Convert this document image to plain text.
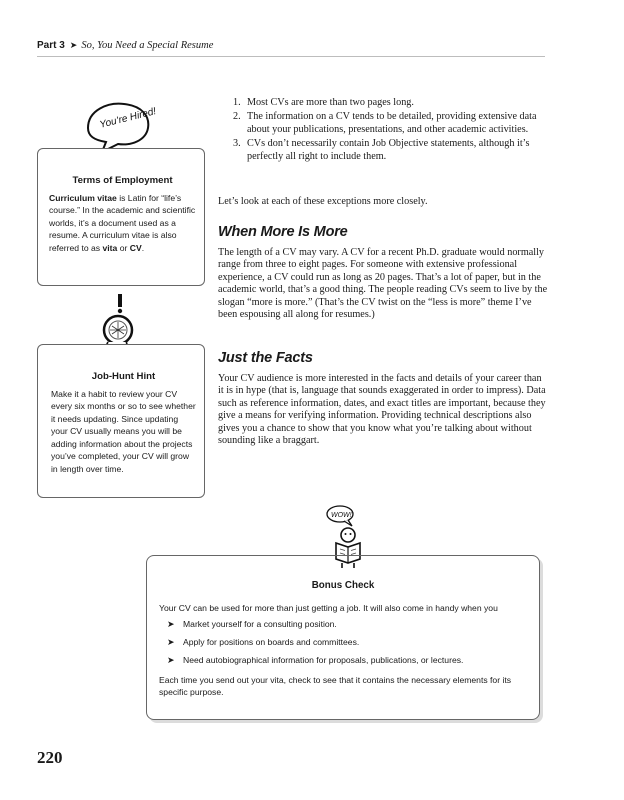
Part 3 ➤ So, You Need a Special Resume
1. Most CVs are more than two pages long.
2. The information on a CV tends to be detailed, providing extensive data about your publications, presentations, and other academic activities.
3. CVs don’t necessarily contain Job Objective statements, although it’s perfectly all right to include them.

Let’s look at each of these exceptions more closely.

When More Is More

The length of a CV may vary. A CV for a recent Ph.D. graduate would normally range from three to eight pages. For someone with extensive professional experience, a CV could run as long as 20 pages. That’s a lot of paper, but in the academic world, that’s a good thing. The people reading CVs seem to live by the slogan “more is more.” (That’s the CV twist on the “less is more” theme I’ve been espousing all along for resumes.)

Just the Facts

Your CV audience is more interested in the facts and details of your career than it is in hype (that is, language that sounds exaggerated in order to impress). Data such as reference information, dates, and exact titles are important, because they give a means for verifying information. Providing technical descriptions also gives you a chance to show that you know what you’re talking about without sounding like a braggart.

You’re Hired!
Terms of Employment
Curriculum vitae is Latin for “life’s course.” In the academic and scientific worlds, it’s a document used as a resume. A curriculum vitae is also referred to as vita or CV.
Job-Hunt Hint
Make it a habit to review your CV every six months or so to see whether it needs updating. Since updating your CV usually means you will be adding information about the projects you’ve completed, your CV will grow in length over time.
WOW!
Bonus Check
Your CV can be used for more than just getting a job. It will also come in handy when you
➤ Market yourself for a consulting position.
➤ Apply for positions on boards and committees.
➤ Need autobiographical information for proposals, publications, or lectures.
Each time you send out your vita, check to see that it contains the necessary elements for its specific purpose.
220
